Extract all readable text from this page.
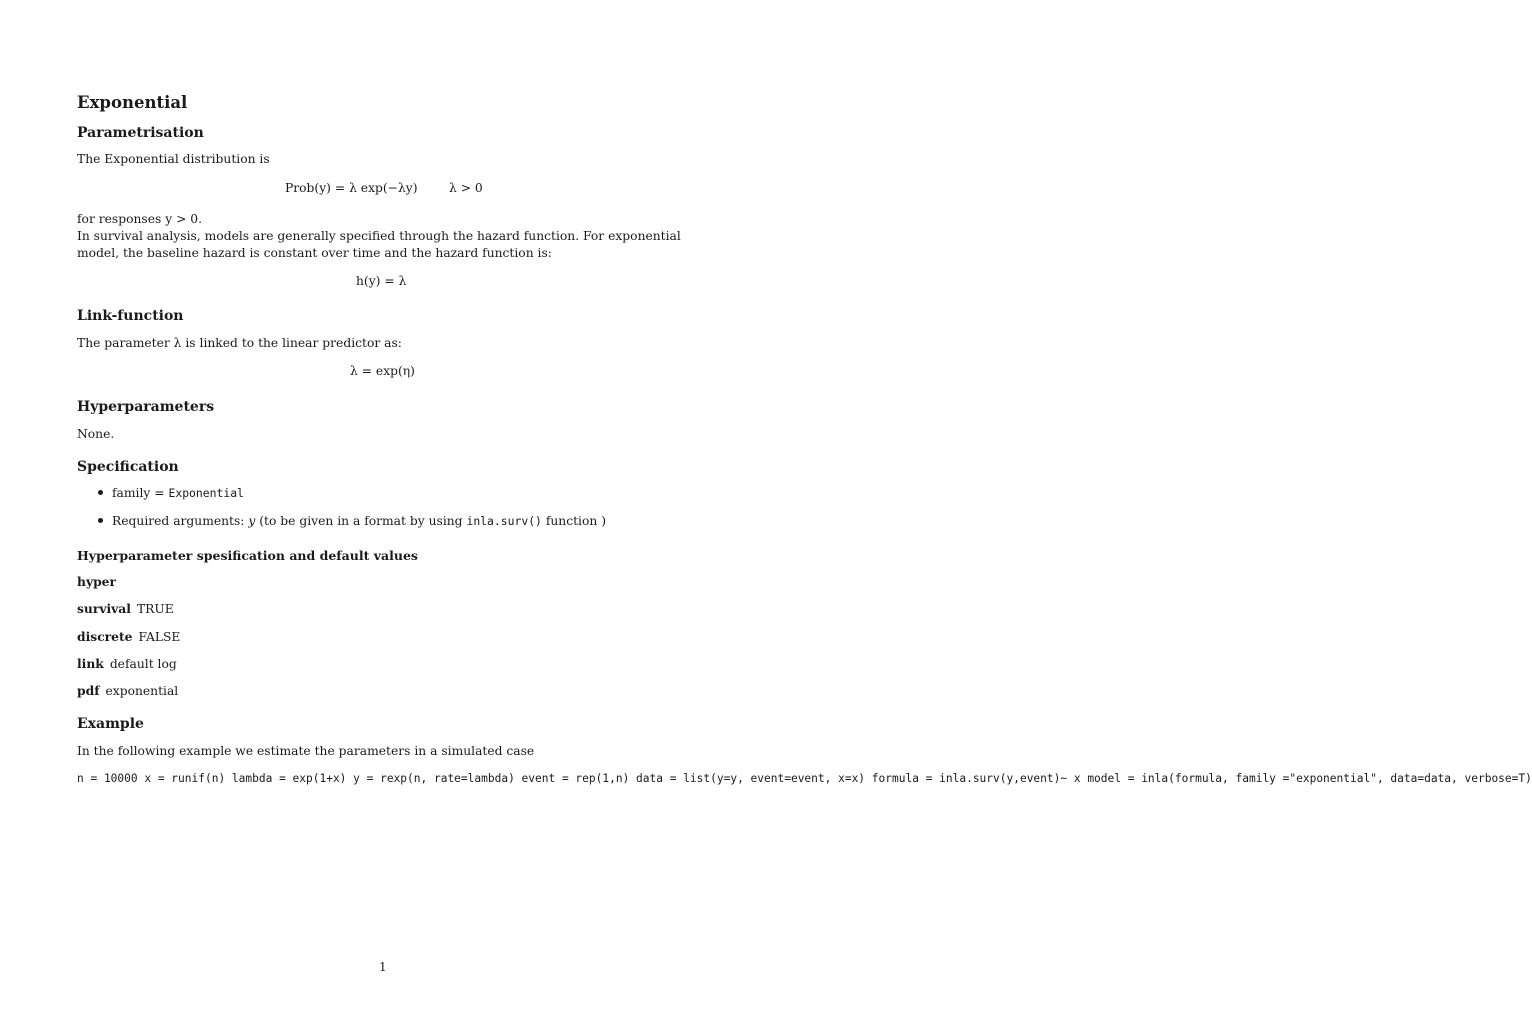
Exponential
Parametrisation
The Exponential distribution is
Prob(y) = λ exp(−λy)	λ > 0
for responses y > 0.
In survival analysis, models are generally specified through the hazard function. For exponential
model, the baseline hazard is constant over time and the hazard function is:
h(y) = λ
Link-function
The parameter λ is linked to the linear predictor as:
λ = exp(η)
Hyperparameters
None.
Specification
family = Exponential
Required arguments: y (to be given in a format by using inla.surv() function )
Hyperparameter spesification and default values
hyper
survival TRUE
discrete FALSE
link default log
pdf exponential
Example
In the following example we estimate the parameters in a simulated case
n = 10000 x = runif(n) lambda = exp(1+x) y = rexp(n, rate=lambda) event = rep(1,n) data = list(y=y, event=event, x=x) formula = inla.surv(y,event)~ x model = inla(formula, family ="exponential", data=data, verbose=T)
1
